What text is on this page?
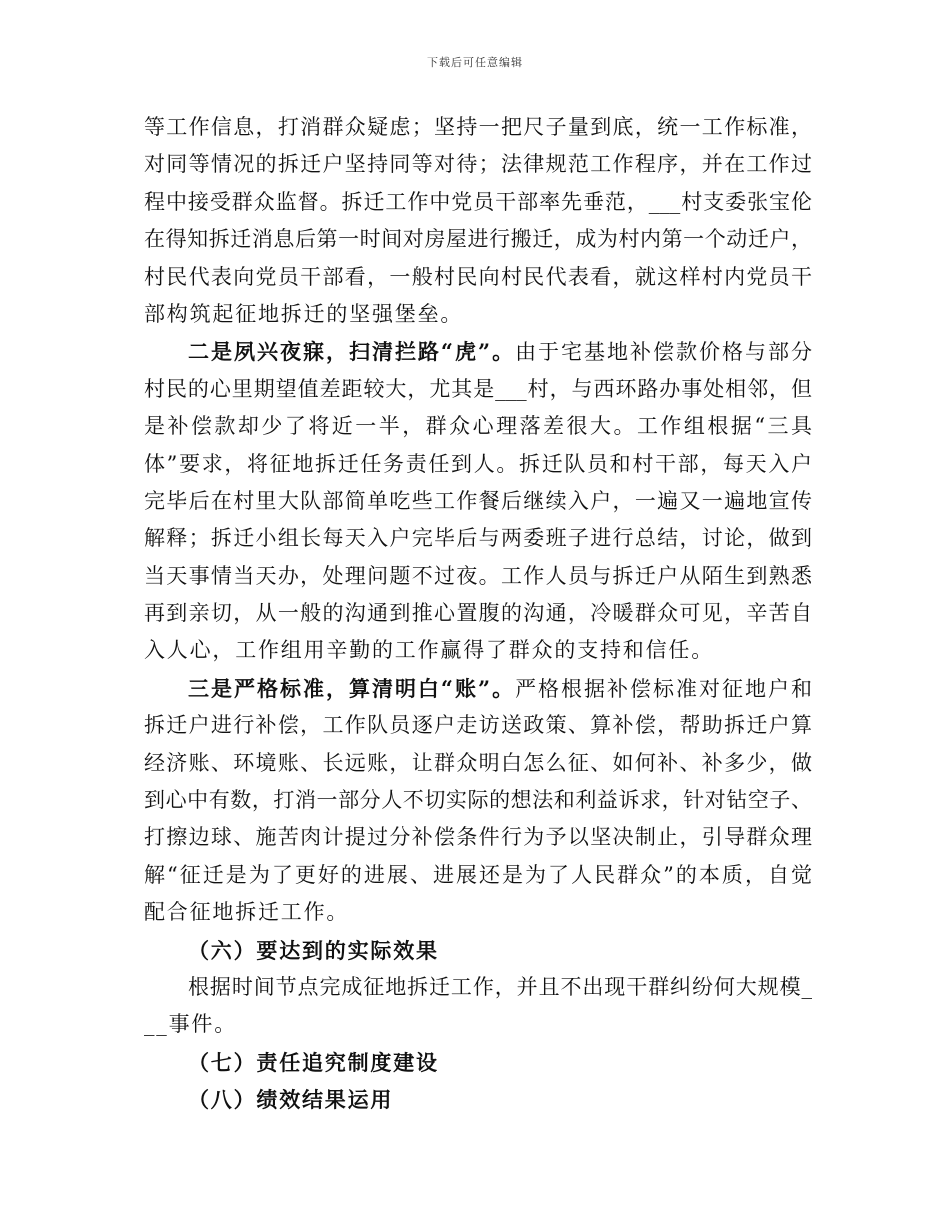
下载后可任意编辑
等工作信息，打消群众疑虑；坚持一把尺子量到底，统一工作标准，
对同等情况的拆迁户坚持同等对待；法律规范工作程序，并在工作过
程中接受群众监督。拆迁工作中党员干部率先垂范，___村支委张宝伦
在得知拆迁消息后第一时间对房屋进行搬迁，成为村内第一个动迁户，
村民代表向党员干部看，一般村民向村民代表看，就这样村内党员干
部构筑起征地拆迁的坚强堡垒。
二是夙兴夜寐，扫清拦路“虎”。由于宅基地补偿款价格与部分
村民的心里期望值差距较大，尤其是___村，与西环路办事处相邻，但
是补偿款却少了将近一半，群众心理落差很大。工作组根据“三具
体”要求，将征地拆迁任务责任到人。拆迁队员和村干部，每天入户
完毕后在村里大队部简单吃些工作餐后继续入户，一遍又一遍地宣传
解释；拆迁小组长每天入户完毕后与两委班子进行总结，讨论，做到
当天事情当天办，处理问题不过夜。工作人员与拆迁户从陌生到熟悉
再到亲切，从一般的沟通到推心置腹的沟通，冷暖群众可见，辛苦自
入人心，工作组用辛勤的工作赢得了群众的支持和信任。
三是严格标准，算清明白“账”。严格根据补偿标准对征地户和
拆迁户进行补偿，工作队员逐户走访送政策、算补偿，帮助拆迁户算
经济账、环境账、长远账，让群众明白怎么征、如何补、补多少，做
到心中有数，打消一部分人不切实际的想法和利益诉求，针对钻空子、
打擦边球、施苦肉计提过分补偿条件行为予以坚决制止，引导群众理
解“征迁是为了更好的进展、进展还是为了人民群众”的本质，自觉
配合征地拆迁工作。
（六）要达到的实际效果
根据时间节点完成征地拆迁工作，并且不出现干群纠纷何大规模_
__事件。
（七）责任追究制度建设
（八）绩效结果运用
